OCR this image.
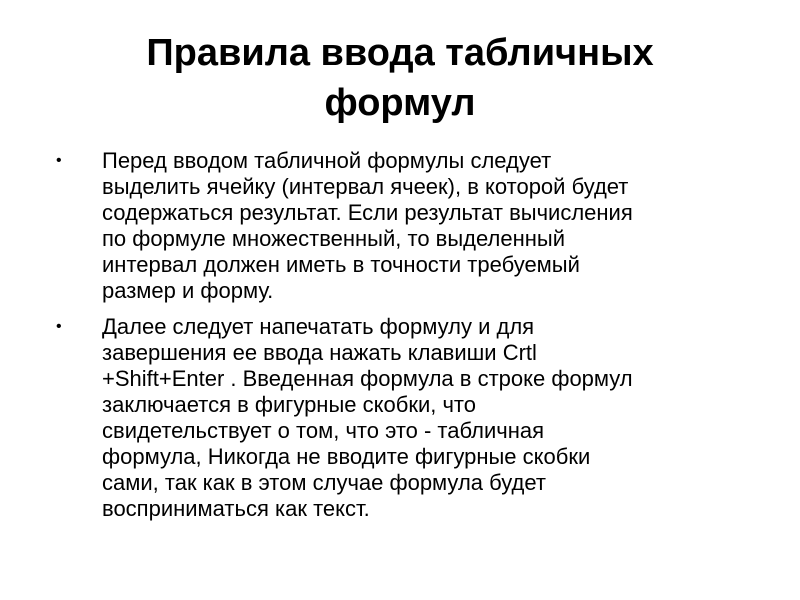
Правила ввода табличных
формул
•	Перед вводом табличной формулы следует
выделить ячейку (интервал ячеек), в которой будет
содержаться результат. Если результат вычисления
по формуле множественный, то выделенный
интервал должен иметь в точности требуемый
размер и форму.
•	Далее следует напечатать формулу и для
завершения ее ввода нажать клавиши Crtl
+Shift+Enter . Введенная формула в строке формул
заключается в фигурные скобки, что
свидетельствует о том, что это - табличная
формула, Никогда не вводите фигурные скобки
сами, так как в этом случае формула будет
восприниматься как текст.
